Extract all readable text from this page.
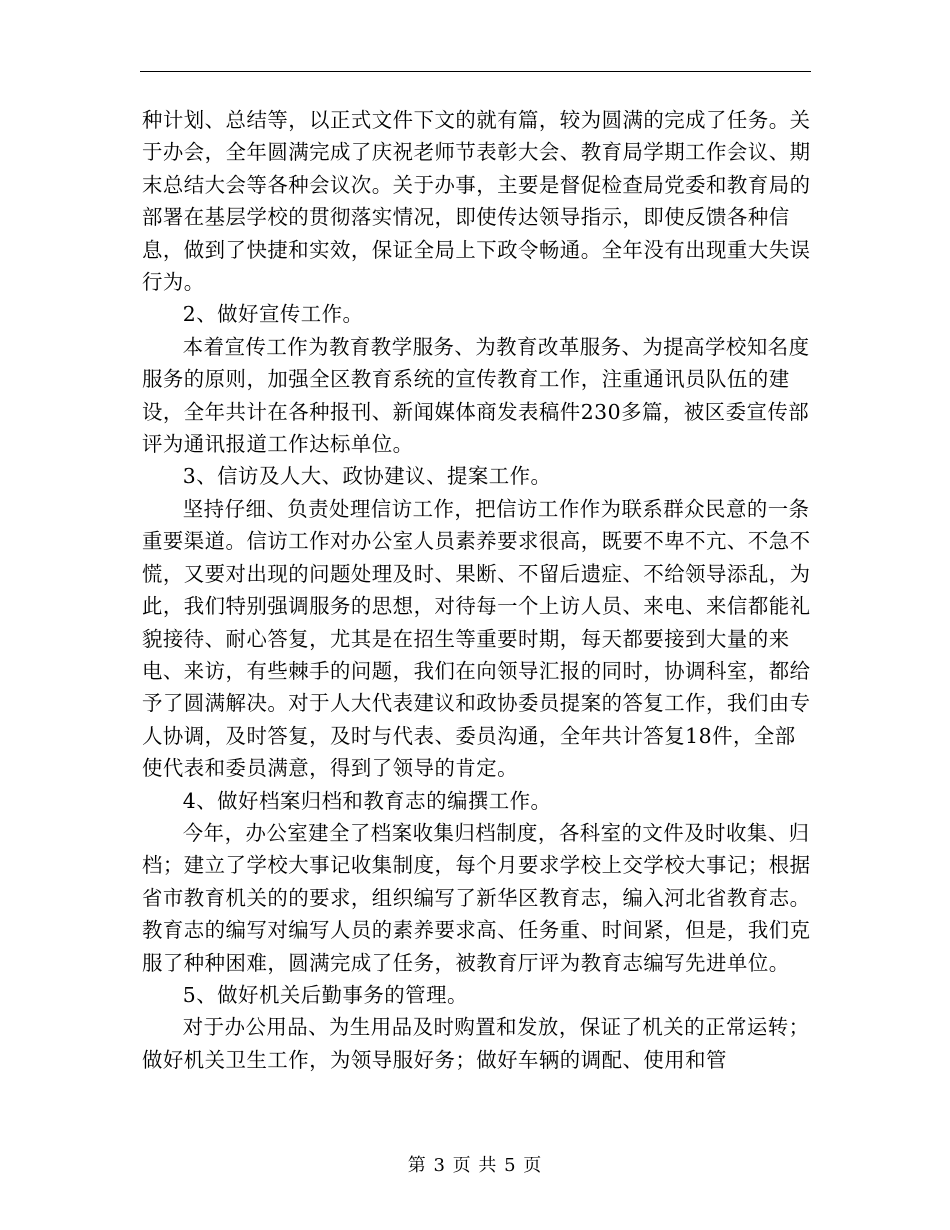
种计划、总结等，以正式文件下文的就有篇，较为圆满的完成了任务。关于办会，全年圆满完成了庆祝老师节表彰大会、教育局学期工作会议、期末总结大会等各种会议次。关于办事，主要是督促检查局党委和教育局的部署在基层学校的贯彻落实情况，即使传达领导指示，即使反馈各种信息，做到了快捷和实效，保证全局上下政令畅通。全年没有出现重大失误行为。

2、做好宣传工作。

本着宣传工作为教育教学服务、为教育改革服务、为提高学校知名度服务的原则，加强全区教育系统的宣传教育工作，注重通讯员队伍的建设，全年共计在各种报刊、新闻媒体商发表稿件230多篇，被区委宣传部评为通讯报道工作达标单位。

3、信访及人大、政协建议、提案工作。

坚持仔细、负责处理信访工作，把信访工作作为联系群众民意的一条重要渠道。信访工作对办公室人员素养要求很高，既要不卑不亢、不急不慌，又要对出现的问题处理及时、果断、不留后遗症、不给领导添乱，为此，我们特别强调服务的思想，对待每一个上访人员、来电、来信都能礼貌接待、耐心答复，尤其是在招生等重要时期，每天都要接到大量的来电、来访，有些棘手的问题，我们在向领导汇报的同时，协调科室，都给予了圆满解决。对于人大代表建议和政协委员提案的答复工作，我们由专人协调，及时答复，及时与代表、委员沟通，全年共计答复18件，全部使代表和委员满意，得到了领导的肯定。

4、做好档案归档和教育志的编撰工作。

今年，办公室建全了档案收集归档制度，各科室的文件及时收集、归档；建立了学校大事记收集制度，每个月要求学校上交学校大事记；根据省市教育机关的的要求，组织编写了新华区教育志，编入河北省教育志。教育志的编写对编写人员的素养要求高、任务重、时间紧，但是，我们克服了种种困难，圆满完成了任务，被教育厅评为教育志编写先进单位。

5、做好机关后勤事务的管理。

对于办公用品、为生用品及时购置和发放，保证了机关的正常运转；做好机关卫生工作，为领导服好务；做好车辆的调配、使用和管

第 3 页 共 5 页
